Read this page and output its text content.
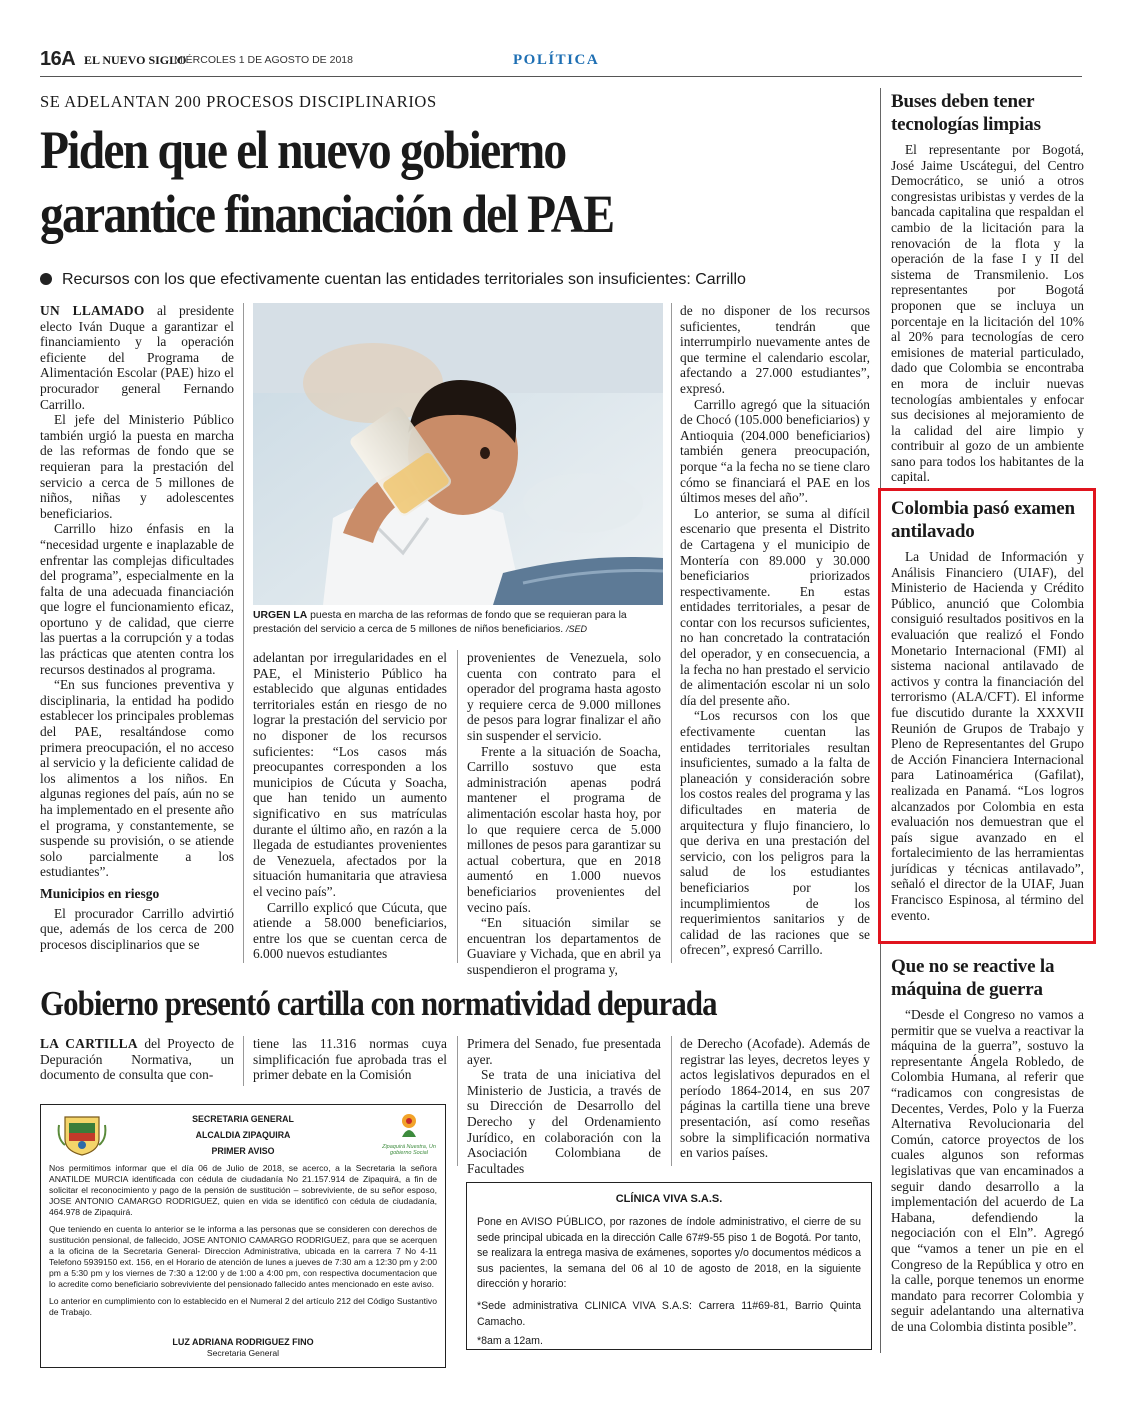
16A EL NUEVO SIGLO
MIÉRCOLES 1 DE AGOSTO DE 2018	POLÍTICA
SE ADELANTAN 200 PROCESOS DISCIPLINARIOS
Piden que el nuevo gobierno
garantice financiación del PAE
Recursos con los que efectivamente cuentan las entidades territoriales son insuficientes: Carrillo

UN LLAMADO al presidente electo Iván Duque a garantizar el financiamiento y la operación eficiente del Programa de Alimentación Escolar (PAE) hizo el procurador general Fernando Carrillo.

El jefe del Ministerio Público también urgió la puesta en marcha de las reformas de fondo que se requieran para la prestación del servicio a cerca de 5 millones de niños, niñas y adolescentes beneficiarios.

Carrillo hizo énfasis en la “necesidad urgente e inaplazable de enfrentar las complejas dificultades del programa”, especialmente en la falta de una adecuada financiación que logre el funcionamiento eficaz, oportuno y de calidad, que cierre las puertas a la corrupción y a todas las prácticas que atenten contra los recursos destinados al programa.

“En sus funciones preventiva y disciplinaria, la entidad ha podido establecer los principales problemas del PAE, resaltándose como primera preocupación, el no acceso al servicio y la deficiente calidad de los alimentos a los niños. En algunas regiones del país, aún no se ha implementado en el presente año el programa, y constantemente, se suspende su provisión, o se atiende solo parcialmente a los estudiantes”.

Municipios en riesgo

El procurador Carrillo advirtió que, además de los cerca de 200 procesos disciplinarios que se

URGEN LA puesta en marcha de las reformas de fondo que se requieran para la prestación del servicio a cerca de 5 millones de niños beneficiarios. /SED

adelantan por irregularidades en el PAE, el Ministerio Público ha establecido que algunas entidades territoriales están en riesgo de no lograr la prestación del servicio por no disponer de los recursos suficientes: “Los casos más preocupantes corresponden a los municipios de Cúcuta y Soacha, que han tenido un aumento significativo en sus matrículas durante el último año, en razón a la llegada de estudiantes provenientes de Venezuela, afectados por la situación humanitaria que atraviesa el vecino país”.

Carrillo explicó que Cúcuta, que atiende a 58.000 beneficiarios, entre los que se cuentan cerca de 6.000 nuevos estudiantes

provenientes de Venezuela, solo cuenta con contrato para el operador del programa hasta agosto y requiere cerca de 9.000 millones de pesos para lograr finalizar el año sin suspender el servicio.

Frente a la situación de Soacha, Carrillo sostuvo que esta administración apenas podrá mantener el programa de alimentación escolar hasta hoy, por lo que requiere cerca de 5.000 millones de pesos para garantizar su actual cobertura, que en 2018 aumentó en 1.000 nuevos beneficiarios provenientes del vecino país.

“En situación similar se encuentran los departamentos de Guaviare y Vichada, que en abril ya suspendieron el programa y,

de no disponer de los recursos suficientes, tendrán que interrumpirlo nuevamente antes de que termine el calendario escolar, afectando a 27.000 estudiantes”, expresó.

Carrillo agregó que la situación de Chocó (105.000 beneficiarios) y Antioquia (204.000 beneficiarios) también genera preocupación, porque “a la fecha no se tiene claro cómo se financiará el PAE en los últimos meses del año”.

Lo anterior, se suma al difícil escenario que presenta el Distrito de Cartagena y el municipio de Montería con 89.000 y 30.000 beneficiarios priorizados respectivamente. En estas entidades territoriales, a pesar de contar con los recursos suficientes, no han concretado la contratación del operador, y en consecuencia, a la fecha no han prestado el servicio de alimentación escolar ni un solo día del presente año.

“Los recursos con los que efectivamente cuentan las entidades territoriales resultan insuficientes, sumado a la falta de planeación y consideración sobre los costos reales del programa y las dificultades en materia de arquitectura y flujo financiero, lo que deriva en una prestación del servicio, con los peligros para la salud de los estudiantes beneficiarios por los incumplimientos de los requerimientos sanitarios y de calidad de las raciones que se ofrecen”, expresó Carrillo.

Gobierno presentó cartilla con normatividad depurada

LA CARTILLA del Proyecto de Depuración Normativa, un documento de consulta que con-

tiene las 11.316 normas cuya simplificación fue aprobada tras el primer debate en la Comisión

Primera del Senado, fue presentada ayer.

Se trata de una iniciativa del Ministerio de Justicia, a través de su Dirección de Desarrollo del Derecho y del Ordenamiento Jurídico, en colaboración con la Asociación Colombiana de Facultades

de Derecho (Acofade). Además de registrar las leyes, decretos leyes y actos legislativos depurados en el período 1864-2014, en sus 207 páginas la cartilla tiene una breve presentación, así como reseñas sobre la simplificación normativa en varios países.

Zipaquirá Nuestra, Un gobierno Social
SECRETARIA GENERAL
ALCALDIA ZIPAQUIRA
PRIMER AVISO
Nos permitimos informar que el día 06 de Julio de 2018, se acerco, a la Secretaria la señora ANATILDE MURCIA identificada con cédula de ciudadanía No 21.157.914 de Zipaquirá, a fin de solicitar el reconocimiento y pago de la pensión de sustitución – sobreviviente, de su señor esposo, JOSE ANTONIO CAMARGO RODRIGUEZ, quien en vida se identificó con cédula de ciudadanía, 464.978 de Zipaquirá.
Que teniendo en cuenta lo anterior se le informa a las personas que se consideren con derechos de sustitución pensional, de fallecido, JOSE ANTONIO CAMARGO RODRIGUEZ, para que se acerquen a la oficina de la Secretaria General- Direccion Administrativa, ubicada en la carrera 7 No 4-11 Telefono 5939150 ext. 156, en el Horario de atención de lunes a jueves de 7:30 am a 12:30 pm y 2:00 pm a 5:30 pm y los viernes de 7:30 a 12:00 y de 1:00 a 4:00 pm, con respectiva documentacion que lo acredite como beneficiario sobreviviente del pensionado fallecido antes mencionado en este aviso.
Lo anterior en cumplimiento con lo establecido en el Numeral 2 del artículo 212 del Código Sustantivo de Trabajo.
LUZ ADRIANA RODRIGUEZ FINO
Secretaria General
CLÍNICA VIVA S.A.S.
Pone en AVISO PÚBLICO, por razones de índole administrativo, el cierre de su sede principal ubicada en la dirección Calle 67#9-55 piso 1 de Bogotá. Por tanto, se realizara la entrega masiva de exámenes, soportes y/o documentos médicos a sus pacientes, la semana del 06 al 10 de agosto de 2018, en la siguiente dirección y horario:
*Sede administrativa CLINICA VIVA S.A.S: Carrera 11#69-81, Barrio Quinta Camacho.
*8am a 12am.
Buses deben tener tecnologías limpias

El representante por Bogotá, José Jaime Uscátegui, del Centro Democrático, se unió a otros congresistas uribistas y verdes de la bancada capitalina que respaldan el cambio de la licitación para la renovación de la flota y la operación de la fase I y II del sistema de Transmilenio. Los representantes por Bogotá proponen que se incluya un porcentaje en la licitación del 10% al 20% para tecnologías de cero emisiones de material particulado, dado que Colombia se encontraba en mora de incluir nuevas tecnologías ambientales y enfocar sus decisiones al mejoramiento de la calidad del aire limpio y contribuir al gozo de un ambiente sano para todos los habitantes de la capital.

Colombia pasó examen antilavado

La Unidad de Información y Análisis Financiero (UIAF), del Ministerio de Hacienda y Crédito Público, anunció que Colombia consiguió resultados positivos en la evaluación que realizó el Fondo Monetario Internacional (FMI) al sistema nacional antilavado de activos y contra la financiación del terrorismo (ALA/CFT). El informe fue discutido durante la XXXVII Reunión de Grupos de Trabajo y Pleno de Representantes del Grupo de Acción Financiera Internacional para Latinoamérica (Gafilat), realizada en Panamá. “Los logros alcanzados por Colombia en esta evaluación nos demuestran que el país sigue avanzado en el fortalecimiento de las herramientas jurídicas y técnicas antilavado”, señaló el director de la UIAF, Juan Francisco Espinosa, al término del evento.

Que no se reactive la máquina de guerra

“Desde el Congreso no vamos a permitir que se vuelva a reactivar la máquina de la guerra”, sostuvo la representante Ángela Robledo, de Colombia Humana, al referir que “radicamos con congresistas de Decentes, Verdes, Polo y la Fuerza Alternativa Revolucionaria del Común, catorce proyectos de los cuales algunos son reformas legislativas que van encaminados a seguir dando desarrollo a la implementación del acuerdo de La Habana, defendiendo la negociación con el Eln”. Agregó que “vamos a tener un pie en el Congreso de la República y otro en la calle, porque tenemos un enorme mandato para recorrer Colombia y seguir adelantando una alternativa de una Colombia distinta posible”.
